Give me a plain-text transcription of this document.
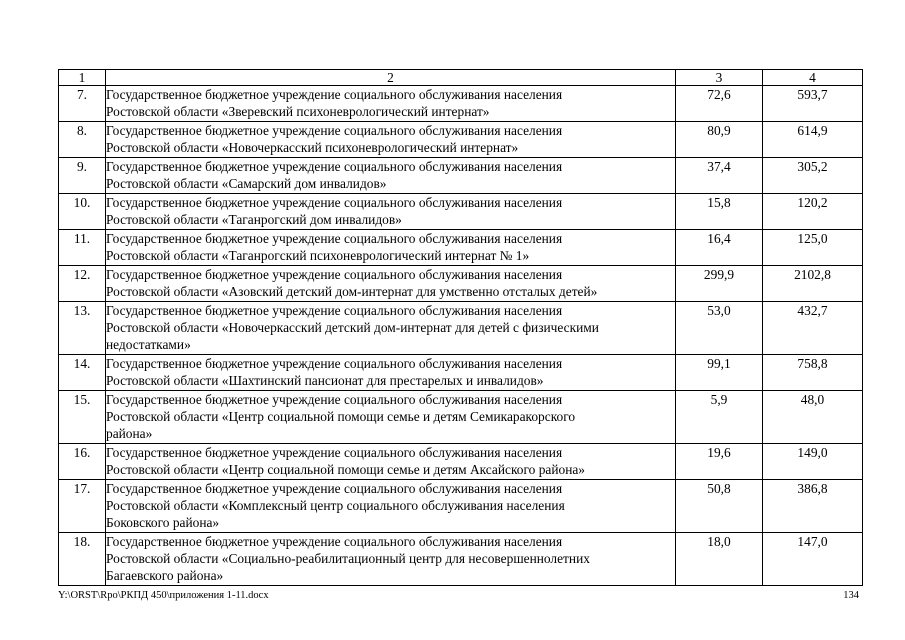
1	2	3	4
7.	Государственное бюджетное учреждение социального обслуживания населения
Ростовской области «Зверевский психоневрологический интернат»	72,6	593,7
8.	Государственное бюджетное учреждение социального обслуживания населения
Ростовской области «Новочеркасский психоневрологический интернат»	80,9	614,9
9.	Государственное бюджетное учреждение социального обслуживания населения
Ростовской области «Самарский дом инвалидов»	37,4	305,2
10.	Государственное бюджетное учреждение социального обслуживания населения
Ростовской области «Таганрогский дом инвалидов»	15,8	120,2
11.	Государственное бюджетное учреждение социального обслуживания населения
Ростовской области «Таганрогский психоневрологический интернат № 1»	16,4	125,0
12.	Государственное бюджетное учреждение социального обслуживания населения
Ростовской области «Азовский детский дом-интернат для умственно отсталых детей»	299,9	2102,8
13.	Государственное бюджетное учреждение социального обслуживания населения
Ростовской области «Новочеркасский детский дом-интернат для детей с физическими
недостатками»	53,0	432,7
14.	Государственное бюджетное учреждение социального обслуживания населения
Ростовской области «Шахтинский пансионат для престарелых и инвалидов»	99,1	758,8
15.	Государственное бюджетное учреждение социального обслуживания населения
Ростовской области «Центр социальной помощи семье и детям Семикаракорского
района»	5,9	48,0
16.	Государственное бюджетное учреждение социального обслуживания населения
Ростовской области «Центр социальной помощи семье и детям Аксайского района»	19,6	149,0
17.	Государственное бюджетное учреждение социального обслуживания населения
Ростовской области «Комплексный центр социального обслуживания населения
Боковского района»	50,8	386,8
18.	Государственное бюджетное учреждение социального обслуживания населения
Ростовской области «Социально-реабилитационный центр для несовершеннолетних
Багаевского района»	18,0	147,0
Y:\ORST\Rpo\РКПД 450\приложения 1-11.docx	134
